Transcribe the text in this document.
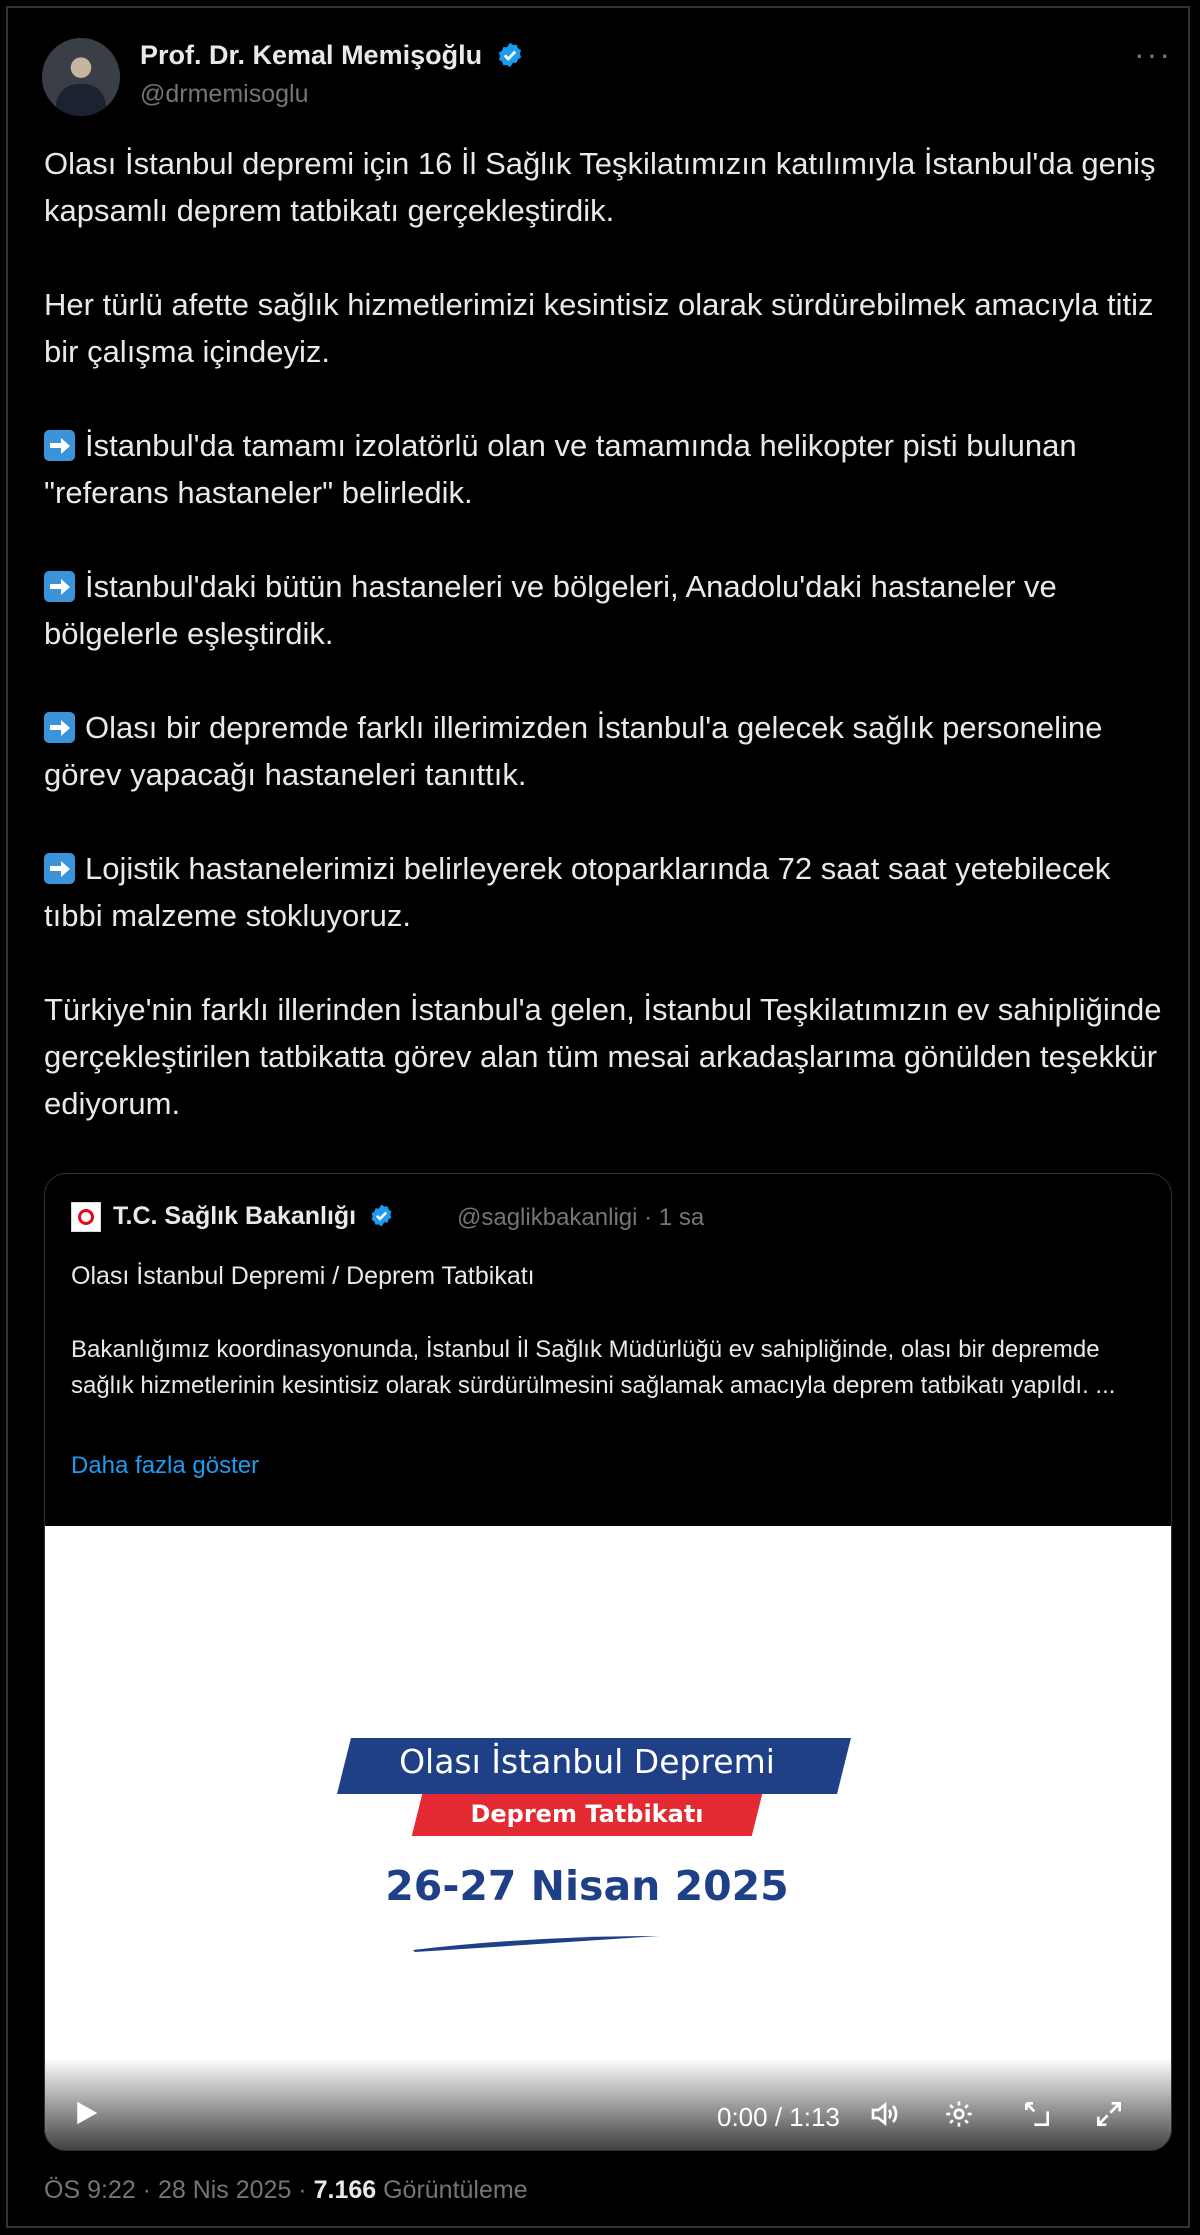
Prof. Dr. Kemal Memişoğlu
@drmemisoglu
···
Olası İstanbul depremi için 16 İl Sağlık Teşkilatımızın katılımıyla İstanbul'da geniş kapsamlı deprem tatbikatı gerçekleştirdik.
Her türlü afette sağlık hizmetlerimizi kesintisiz olarak sürdürebilmek amacıyla titiz bir çalışma içindeyiz.
İstanbul'da tamamı izolatörlü olan ve tamamında helikopter pisti bulunan "referans hastaneler" belirledik.
İstanbul'daki bütün hastaneleri ve bölgeleri, Anadolu'daki hastaneler ve bölgelerle eşleştirdik.
Olası bir depremde farklı illerimizden İstanbul'a gelecek sağlık personeline görev yapacağı hastaneleri tanıttık.
Lojistik hastanelerimizi belirleyerek otoparklarında 72 saat saat yetebilecek tıbbi malzeme stokluyoruz.
Türkiye'nin farklı illerinden İstanbul'a gelen, İstanbul Teşkilatımızın ev sahipliğinde gerçekleştirilen tatbikatta görev alan tüm mesai arkadaşlarıma gönülden teşekkür ediyorum.
T.C. Sağlık Bakanlığı	@saglikbakanligi · 1 sa
Olası İstanbul Depremi / Deprem Tatbikatı
Bakanlığımız koordinasyonunda, İstanbul İl Sağlık Müdürlüğü ev sahipliğinde, olası bir depremde sağlık hizmetlerinin kesintisiz olarak sürdürülmesini sağlamak amacıyla deprem tatbikatı yapıldı. ...
Daha fazla göster
Olası İstanbul Depremi
Deprem Tatbikatı
26-27 Nisan 2025
0:00 / 1:13
ÖS 9:22 · 28 Nis 2025 · 7.166 Görüntüleme
